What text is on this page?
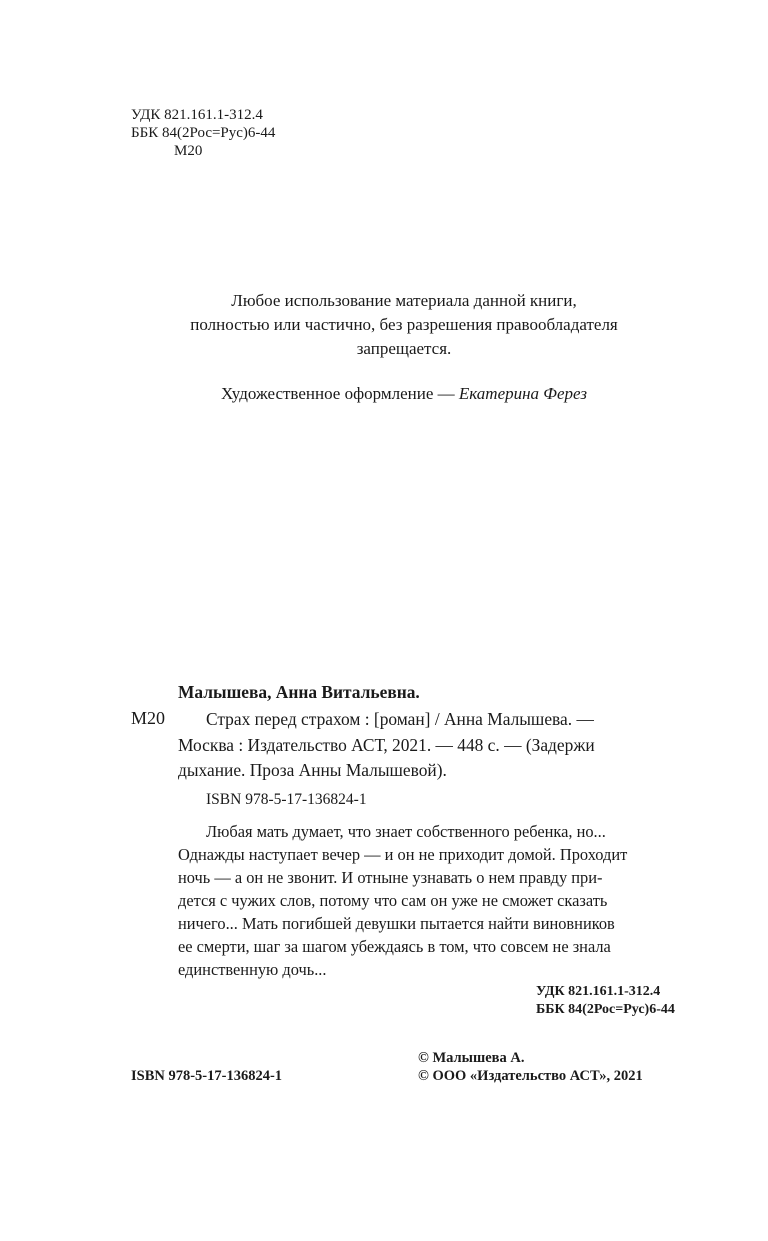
УДК 821.161.1-312.4
ББК 84(2Рос=Рус)6-44
М20
Любое использование материала данной книги,
полностью или частично, без разрешения правообладателя
запрещается.
Художественное оформление — Екатерина Ферез
Малышева, Анна Витальевна.
М20 Страх перед страхом : [роман] / Анна Малышева. —
Москва : Издательство АСТ, 2021. — 448 с. — (Задержи
дыхание. Проза Анны Малышевой).
ISBN 978-5-17-136824-1
Любая мать думает, что знает собственного ребенка, но...
Однажды наступает вечер — и он не приходит домой. Проходит
ночь — а он не звонит. И отныне узнавать о нем правду при-
дется с чужих слов, потому что сам он уже не сможет сказать
ничего... Мать погибшей девушки пытается найти виновников
ее смерти, шаг за шагом убеждаясь в том, что совсем не знала
единственную дочь...
УДК 821.161.1-312.4
ББК 84(2Рос=Рус)6-44
© Малышева А.
ISBN 978-5-17-136824-1	© ООО «Издательство АСТ», 2021
